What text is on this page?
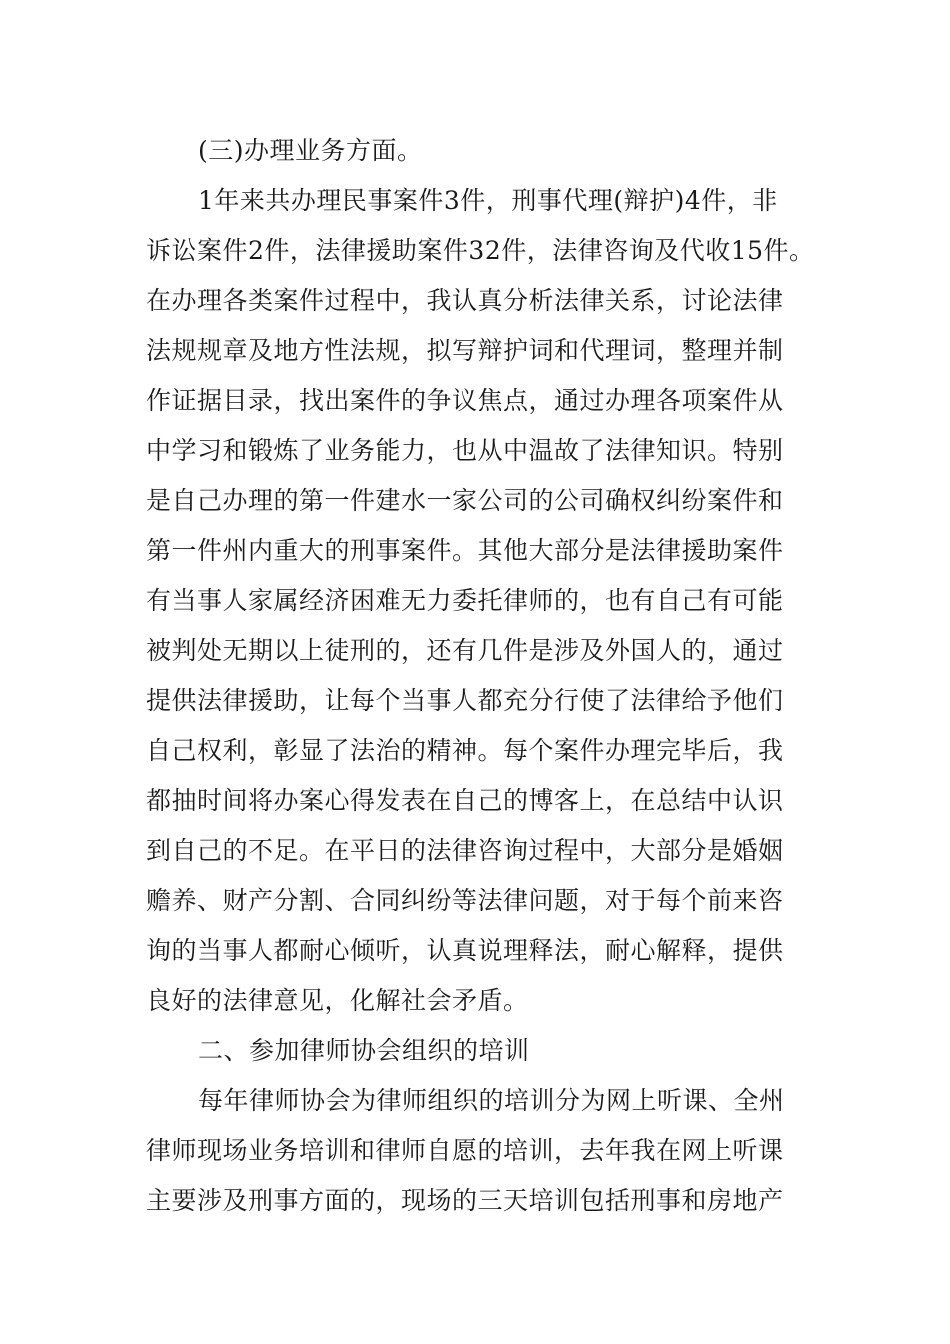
(三)办理业务方面。
1年来共办理民事案件3件，刑事代理(辩护)4件，非
诉讼案件2件，法律援助案件32件，法律咨询及代收15件。
在办理各类案件过程中，我认真分析法律关系，讨论法律
法规规章及地方性法规，拟写辩护词和代理词，整理并制
作证据目录，找出案件的争议焦点，通过办理各项案件从
中学习和锻炼了业务能力，也从中温故了法律知识。特别
是自己办理的第一件建水一家公司的公司确权纠纷案件和
第一件州内重大的刑事案件。其他大部分是法律援助案件
有当事人家属经济困难无力委托律师的，也有自己有可能
被判处无期以上徒刑的，还有几件是涉及外国人的，通过
提供法律援助，让每个当事人都充分行使了法律给予他们
自己权利，彰显了法治的精神。每个案件办理完毕后，我
都抽时间将办案心得发表在自己的博客上，在总结中认识
到自己的不足。在平日的法律咨询过程中，大部分是婚姻
赡养、财产分割、合同纠纷等法律问题，对于每个前来咨
询的当事人都耐心倾听，认真说理释法，耐心解释，提供
良好的法律意见，化解社会矛盾。
二、参加律师协会组织的培训
每年律师协会为律师组织的培训分为网上听课、全州
律师现场业务培训和律师自愿的培训，去年我在网上听课
主要涉及刑事方面的，现场的三天培训包括刑事和房地产
